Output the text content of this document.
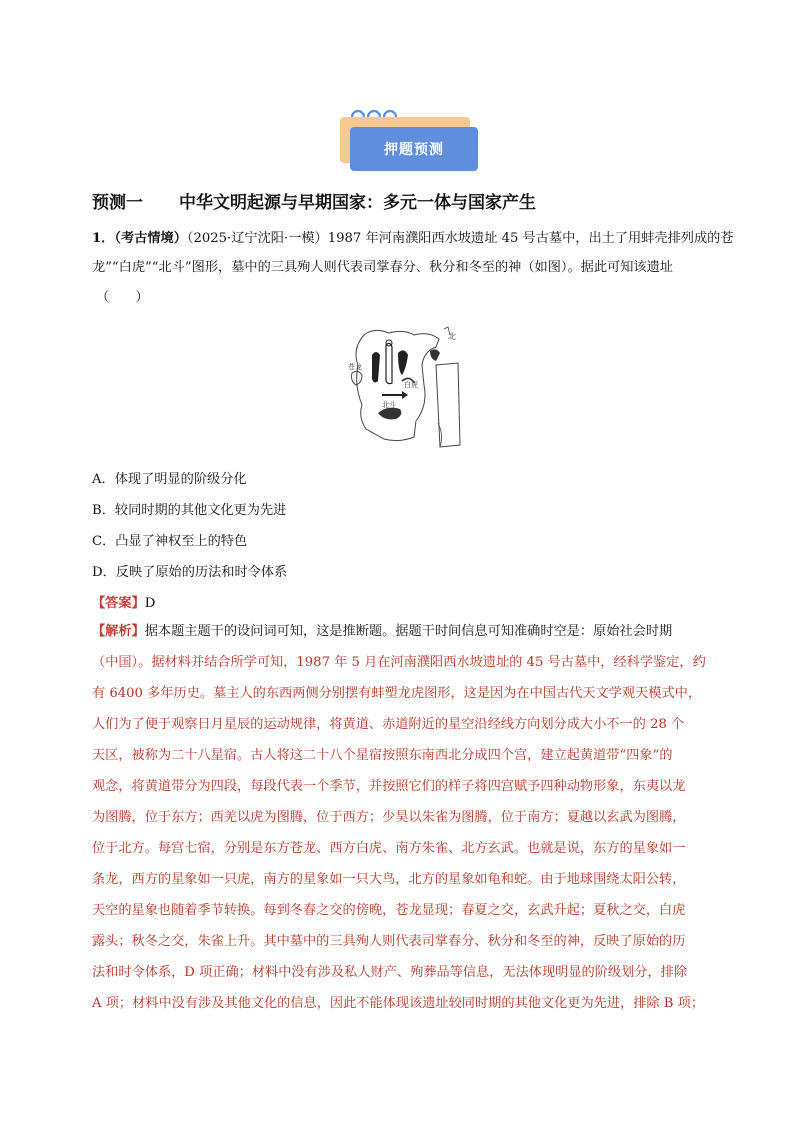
押题预测
预测一 中华文明起源与早期国家：多元一体与国家产生
1．（考古情境）（2025·辽宁沈阳·一模）1987 年河南濮阳西水坡遗址 45 号古墓中，出土了用蚌壳排列成的苍
龙”“白虎”“北斗”图形，墓中的三具殉人则代表司掌春分、秋分和冬至的神（如图）。据此可知该遗址
（　　）
北
苍龙
白虎
北斗
A．体现了明显的阶级分化
B．较同时期的其他文化更为先进
C．凸显了神权至上的特色
D．反映了原始的历法和时令体系
【答案】D
【解析】据本题主题干的设问词可知，这是推断题。据题干时间信息可知准确时空是：原始社会时期
（中国）。据材料并结合所学可知，1987 年 5 月在河南濮阳西水坡遗址的 45 号古墓中，经科学鉴定，约
有 6400 多年历史。墓主人的东西两侧分别摆有蚌塑龙虎图形，这是因为在中国古代天文学观天模式中，
人们为了便于观察日月星辰的运动规律，将黄道、赤道附近的星空沿经线方向划分成大小不一的 28 个
天区，被称为二十八星宿。古人将这二十八个星宿按照东南西北分成四个宫，建立起黄道带“四象”的
观念，将黄道带分为四段，每段代表一个季节，并按照它们的样子将四宫赋予四种动物形象，东夷以龙
为图腾，位于东方；西羌以虎为图腾，位于西方；少昊以朱雀为图腾，位于南方；夏越以玄武为图腾，
位于北方。每宫七宿，分别是东方苍龙、西方白虎、南方朱雀、北方玄武。也就是说，东方的星象如一
条龙，西方的星象如一只虎，南方的星象如一只大鸟，北方的星象如龟和蛇。由于地球围绕太阳公转，
天空的星象也随着季节转换。每到冬春之交的傍晚，苍龙显现；春夏之交，玄武升起；夏秋之交，白虎
露头；秋冬之交，朱雀上升。其中墓中的三具殉人则代表司掌春分、秋分和冬至的神，反映了原始的历
法和时令体系，D 项正确；材料中没有涉及私人财产、殉葬品等信息，无法体现明显的阶级划分，排除
A 项；材料中没有涉及其他文化的信息，因此不能体现该遗址较同时期的其他文化更为先进，排除 B 项；
